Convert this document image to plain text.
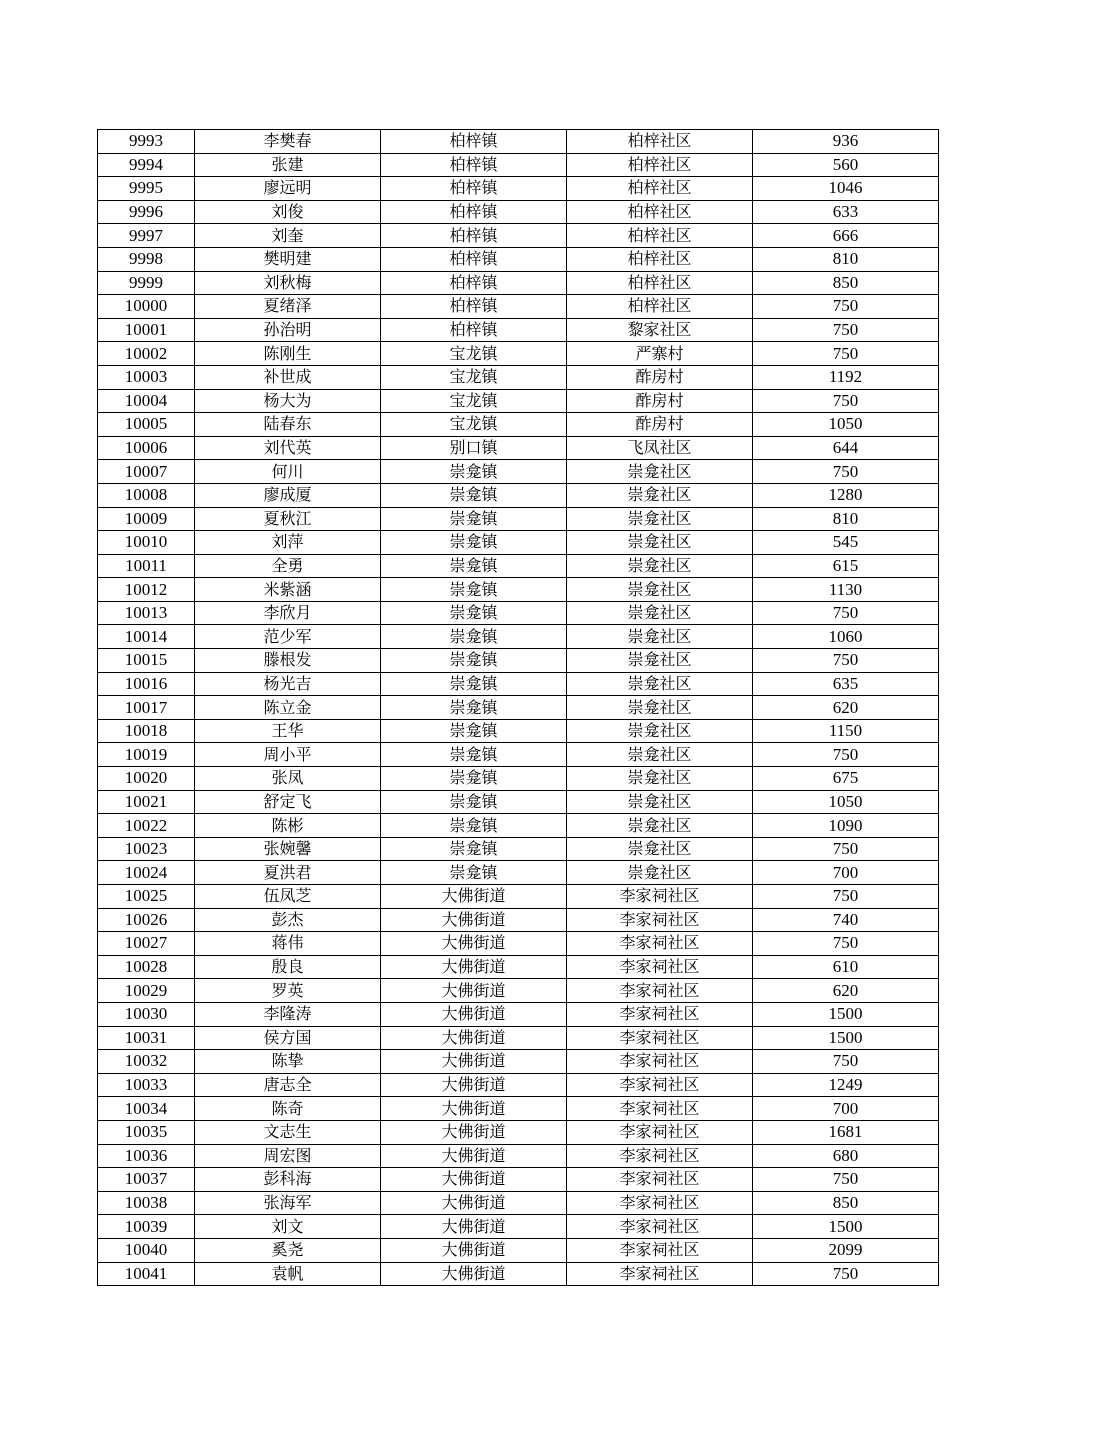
9993	李樊春	柏梓镇	柏梓社区	936
9994	张建	柏梓镇	柏梓社区	560
9995	廖远明	柏梓镇	柏梓社区	1046
9996	刘俊	柏梓镇	柏梓社区	633
9997	刘奎	柏梓镇	柏梓社区	666
9998	樊明建	柏梓镇	柏梓社区	810
9999	刘秋梅	柏梓镇	柏梓社区	850
10000	夏绪泽	柏梓镇	柏梓社区	750
10001	孙治明	柏梓镇	黎家社区	750
10002	陈刚生	宝龙镇	严寨村	750
10003	补世成	宝龙镇	酢房村	1192
10004	杨大为	宝龙镇	酢房村	750
10005	陆春东	宝龙镇	酢房村	1050
10006	刘代英	别口镇	飞凤社区	644
10007	何川	崇龛镇	崇龛社区	750
10008	廖成厦	崇龛镇	崇龛社区	1280
10009	夏秋江	崇龛镇	崇龛社区	810
10010	刘萍	崇龛镇	崇龛社区	545
10011	全勇	崇龛镇	崇龛社区	615
10012	米紫涵	崇龛镇	崇龛社区	1130
10013	李欣月	崇龛镇	崇龛社区	750
10014	范少军	崇龛镇	崇龛社区	1060
10015	滕根发	崇龛镇	崇龛社区	750
10016	杨光吉	崇龛镇	崇龛社区	635
10017	陈立金	崇龛镇	崇龛社区	620
10018	王华	崇龛镇	崇龛社区	1150
10019	周小平	崇龛镇	崇龛社区	750
10020	张凤	崇龛镇	崇龛社区	675
10021	舒定飞	崇龛镇	崇龛社区	1050
10022	陈彬	崇龛镇	崇龛社区	1090
10023	张婉馨	崇龛镇	崇龛社区	750
10024	夏洪君	崇龛镇	崇龛社区	700
10025	伍凤芝	大佛街道	李家祠社区	750
10026	彭杰	大佛街道	李家祠社区	740
10027	蒋伟	大佛街道	李家祠社区	750
10028	殷良	大佛街道	李家祠社区	610
10029	罗英	大佛街道	李家祠社区	620
10030	李隆涛	大佛街道	李家祠社区	1500
10031	侯方国	大佛街道	李家祠社区	1500
10032	陈挚	大佛街道	李家祠社区	750
10033	唐志全	大佛街道	李家祠社区	1249
10034	陈奇	大佛街道	李家祠社区	700
10035	文志生	大佛街道	李家祠社区	1681
10036	周宏图	大佛街道	李家祠社区	680
10037	彭科海	大佛街道	李家祠社区	750
10038	张海军	大佛街道	李家祠社区	850
10039	刘文	大佛街道	李家祠社区	1500
10040	奚尧	大佛街道	李家祠社区	2099
10041	袁帆	大佛街道	李家祠社区	750
